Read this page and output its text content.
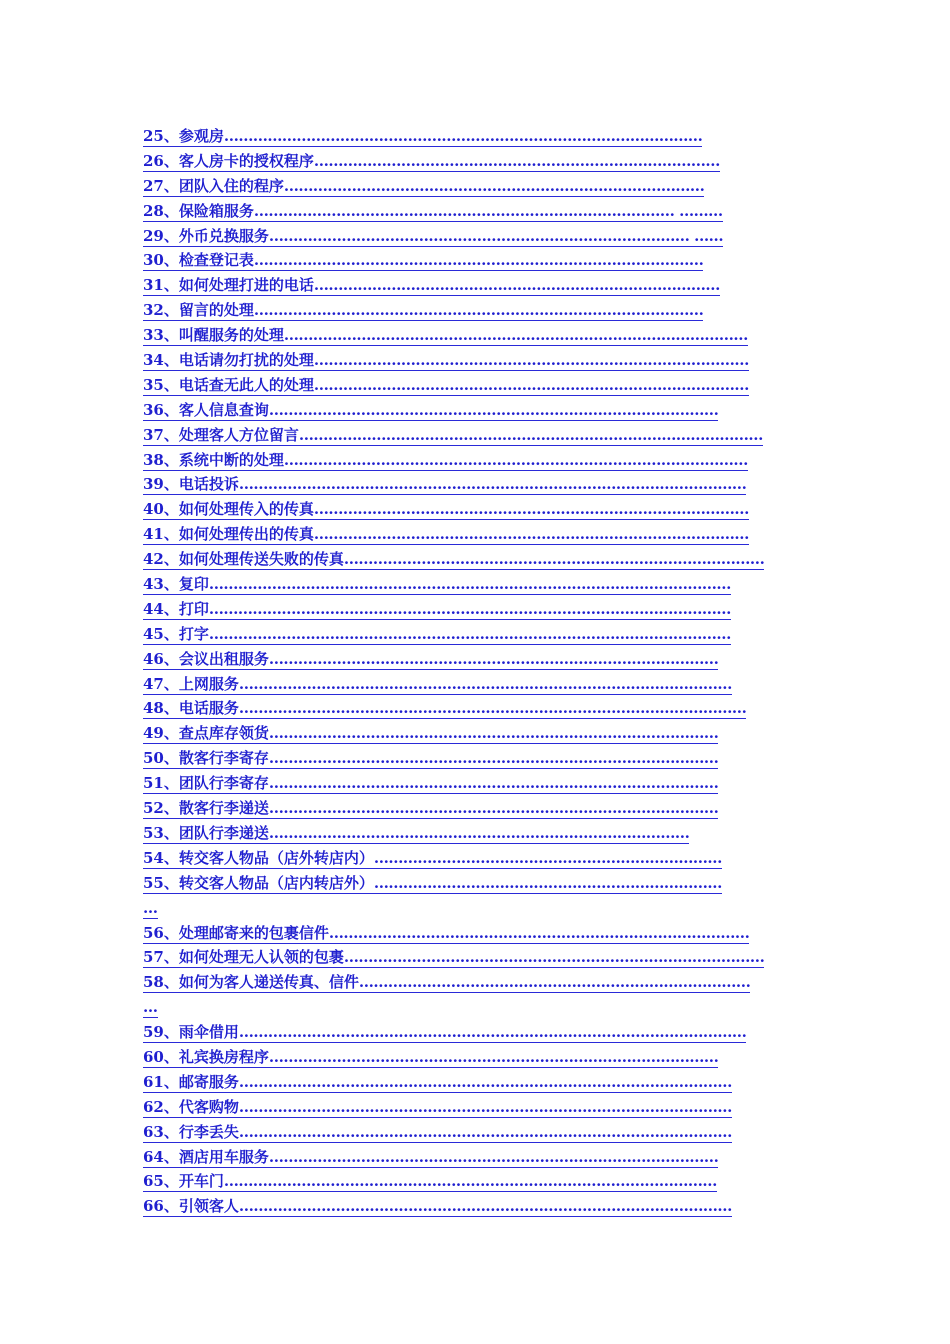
25、参观房………………………………………………………………………………………
26、客人房卡的授权程序…………………………………………………………………………
27、团队入住的程序……………………………………………………………………………
28、保险箱服务…………………………………………………………………………… ………
29、外币兑换服务…………………………………………………………………………… ……
30、检查登记表…………………………………………………………………………………
31、如何处理打进的电话…………………………………………………………………………
32、留言的处理…………………………………………………………………………………
33、叫醒服务的处理……………………………………………………………………………………
34、电话请勿打扰的处理………………………………………………………………………………
35、电话查无此人的处理………………………………………………………………………………
36、客人信息查询…………………………………………………………………………………
37、处理客人方位留言……………………………………………………………………………………
38、系统中断的处理……………………………………………………………………………………
39、电话投诉……………………………………………………………………………………………
40、如何处理传入的传真………………………………………………………………………………
41、如何处理传出的传真………………………………………………………………………………
42、如何处理传送失败的传真……………………………………………………………………………
43、复印………………………………………………………………………………………………
44、打印………………………………………………………………………………………………
45、打字………………………………………………………………………………………………
46、会议出租服务…………………………………………………………………………………
47、上网服务…………………………………………………………………………………………
48、电话服务……………………………………………………………………………………………
49、查点库存领货…………………………………………………………………………………
50、散客行李寄存…………………………………………………………………………………
51、团队行李寄存…………………………………………………………………………………
52、散客行李递送…………………………………………………………………………………
53、团队行李递送……………………………………………………………………………
54、转交客人物品（店外转店内）………………………………………………………………
55、转交客人物品（店内转店外）………………………………………………………………
…
56、处理邮寄来的包裹信件……………………………………………………………………………
57、如何处理无人认领的包裹……………………………………………………………………………
58、如何为客人递送传真、信件………………………………………………………………………
…
59、雨伞借用……………………………………………………………………………………………
60、礼宾换房程序…………………………………………………………………………………
61、邮寄服务…………………………………………………………………………………………
62、代客购物…………………………………………………………………………………………
63、行李丢失…………………………………………………………………………………………
64、酒店用车服务…………………………………………………………………………………
65、开车门…………………………………………………………………………………………
66、引领客人…………………………………………………………………………………………
